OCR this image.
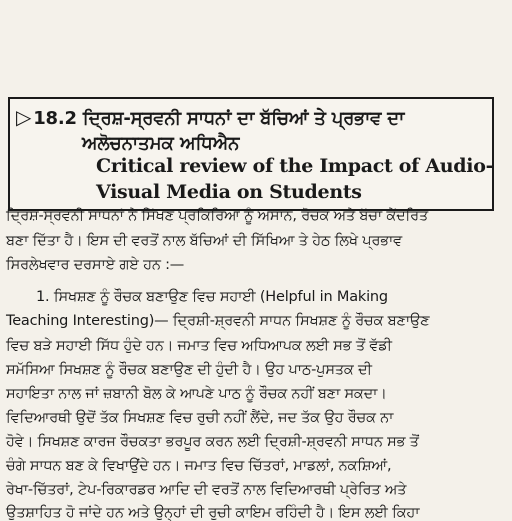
▷ 18.2 ਦ੍ਰਿਸ਼-ਸ੍ਰਵਨੀ ਸਾਧਨਾਂ ਦਾ ਬੱਚਿਆਂ ਤੇ ਪ੍ਰਭਾਵ ਦਾ
ਅਲੋਚਨਾਤਮਕ ਅਧਿਐਨ
Critical review of the Impact of Audio-
Visual Media on Students
ਦ੍ਰਿਸ਼-ਸ੍ਰਵਨੀ ਸਾਧਨਾਂ ਨੇ ਸਿੱਖਣ ਪ੍ਰਕਿਰਿਆ ਨੂੰ ਅਸਾਨ, ਰੋਚਕ ਅਤੇ ਬੱਚਾ ਕੇਂਦਰਿਤ
ਬਣਾ ਦਿੱਤਾ ਹੈ। ਇਸ ਦੀ ਵਰਤੋਂ ਨਾਲ ਬੱਚਿਆਂ ਦੀ ਸਿੱਖਿਆ ਤੇ ਹੇਠ ਲਿਖੇ ਪ੍ਰਭਾਵ
ਸਿਰਲੇਖਵਾਰ ਦਰਸਾਏ ਗਏ ਹਨ :—
1. ਸਿਖਸ਼ਣ ਨੂੰ ਰੌਚਕ ਬਣਾਉਣ ਵਿਚ ਸਹਾਈ (Helpful in Making
Teaching Interesting)— ਦ੍ਰਿਸ਼ੀ-ਸ਼੍ਰਵਨੀ ਸਾਧਨ ਸਿਖਸ਼ਣ ਨੂੰ ਰੌਚਕ ਬਣਾਉਣ
ਵਿਚ ਬੜੇ ਸਹਾਈ ਸਿੱਧ ਹੁੰਦੇ ਹਨ। ਜਮਾਤ ਵਿਚ ਅਧਿਆਪਕ ਲਈ ਸਭ ਤੋਂ ਵੱਡੀ
ਸਮੱਸਿਆ ਸਿਖਸ਼ਣ ਨੂੰ ਰੌਚਕ ਬਣਾਉਣ ਦੀ ਹੁੰਦੀ ਹੈ। ਉਹ ਪਾਠ-ਪੁਸਤਕ ਦੀ
ਸਹਾਇਤਾ ਨਾਲ ਜਾਂ ਜ਼ਬਾਨੀ ਬੋਲ ਕੇ ਆਪਣੇ ਪਾਠ ਨੂੰ ਰੌਚਕ ਨਹੀਂ ਬਣਾ ਸਕਦਾ।
ਵਿਦਿਆਰਥੀ ਉਦੋਂ ਤੱਕ ਸਿਖਸ਼ਣ ਵਿਚ ਰੁਚੀ ਨਹੀਂ ਲੈਂਦੇ, ਜਦ ਤੱਕ ਉਹ ਰੌਚਕ ਨਾ
ਹੋਵੇ। ਸਿਖਸ਼ਣ ਕਾਰਜ ਰੌਚਕਤਾ ਭਰਪੂਰ ਕਰਨ ਲਈ ਦ੍ਰਿਸ਼ੀ-ਸ਼੍ਰਵਨੀ ਸਾਧਨ ਸਭ ਤੋਂ
ਚੰਗੇ ਸਾਧਨ ਬਣ ਕੇ ਵਿਖਾਉਂਦੇ ਹਨ। ਜਮਾਤ ਵਿਚ ਚਿੱਤਰਾਂ, ਮਾਡਲਾਂ, ਨਕਸ਼ਿਆਂ,
ਰੇਖਾ-ਚਿੱਤਰਾਂ, ਟੇਪ-ਰਿਕਾਰਡਰ ਆਦਿ ਦੀ ਵਰਤੋਂ ਨਾਲ ਵਿਦਿਆਰਥੀ ਪ੍ਰੇਰਿਤ ਅਤੇ
ਉਤਸ਼ਾਹਿਤ ਹੋ ਜਾਂਦੇ ਹਨ ਅਤੇ ਉਨ੍ਹਾਂ ਦੀ ਰੁਚੀ ਕਾਇਮ ਰਹਿੰਦੀ ਹੈ। ਇਸ ਲਈ ਕਿਹਾ
